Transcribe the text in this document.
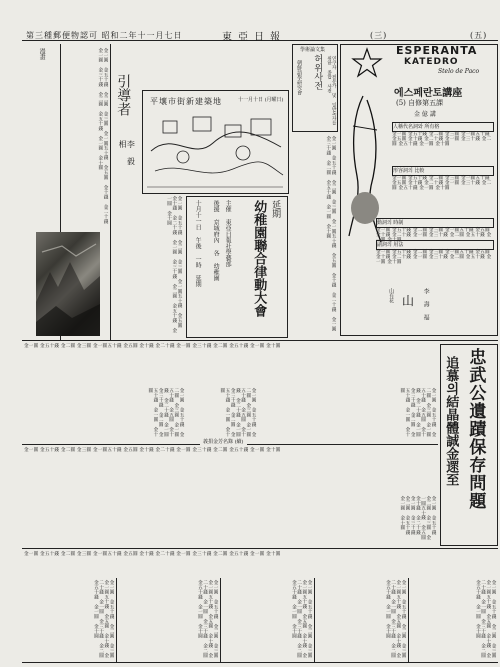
第三種郵便物認可 昭和二年十一月七日	東亞日報	(三)	(五)
漫畫
引導者
李 毅 相
金一圓 金五十錢 金二圓 金三圓 金一圓五十錢 金五圓 金十錢 金二十錢 金一圓 金三十錢 金二圓 金五十錢 金一圓 金十圓	平壤市街新建築地	十一月十日 (月曜日)
學術論文集
허위사전
朝鮮語學研究會	연구자 전문가 및 일반독자를 위한 종합 사전
ESPERANTA
KATEDRO
Stelo de Paco
에스페란토講座
(5) 自修第五課
金 億 講
人稱代名詞와 所有格
金一圓 金五十錢 金二圓 金三圓 金一圓五十錢 金五圓 金十錢 金二十錢 金一圓 金三十錢 金二圓 金五十錢 金一圓 金十圓
形容詞의 比較
金一圓 金五十錢 金二圓 金三圓 金一圓五十錢 金五圓 金十錢 金二十錢 金一圓 金三十錢 金二圓 金五十錢 金一圓 金十圓
動詞의 時制
金一圓 金五十錢 金二圓 金三圓 金一圓五十錢 金五圓 金十錢 金二十錢 金一圓 金三十錢 金二圓 金五十錢 金一圓 金十圓
副詞의 用法
金一圓 金五十錢 金二圓 金三圓 金一圓五十錢 金五圓 金十錢 金二十錢 金一圓 金三十錢 金二圓 金五十錢 金一圓 金十圓
山 李 壽 福
山有花
延期
幼稚園聯合律動大會
主催 東亞日報社學藝部
後援 京城府內 各 幼稚園
十月十一日 午後 一時 延期
金一圓 金五十錢 金二圓 金三圓 金一圓五十錢 金五圓 金十錢 金二十錢 金一圓 金三十錢 金二圓 金五十錢 金一圓 金十圓	金一圓 金五十錢 金二圓 金三圓 金一圓五十錢 金五圓 金十錢 金二十錢 金一圓 金三十錢 金二圓 金五十錢 金一圓 金十圓
忠武公遺蹟保存問題
追慕의結晶體誠金遝至
金一圓 金五十錢 金二圓 金三圓 金一圓五十錢 金五圓 金十錢 金二十錢 金一圓 金三十錢 金二圓 金五十錢 金一圓 金十圓
金一圓 金五十錢 金二圓 金三圓 金一圓五十錢 金五圓 金十錢 金二十錢 金一圓 金三十錢 金二圓 金五十錢 金一圓 金十圓	金一圓 金五十錢 金二圓 金三圓 金一圓五十錢 金五圓 金十錢 金二十錢 金一圓 金三十錢 金二圓 金五十錢 金一圓 金十圓	金一圓 金五十錢 金二圓 金三圓 金一圓五十錢 金五圓 金十錢 金二十錢 金一圓 金三十錢 金二圓 金五十錢 金一圓 金十圓
義捐金芳名錄 (續)
金一圓 金五十錢 金二圓 金三圓 金一圓五十錢 金五圓 金十錢 金二十錢 金一圓 金三十錢 金二圓 金五十錢 金一圓 金十圓
金一圓 金五十錢 金二圓 金三圓 金一圓五十錢 金五圓 金十錢 金二十錢 金一圓 金三十錢 金二圓 金五十錢 金一圓 金十圓
金一圓 金五十錢 金二圓 金三圓 金一圓五十錢 金五圓 金十錢 金二十錢 金一圓 金三十錢 金二圓 金五十錢 金一圓 金十圓
金一圓 金五十錢 金二圓 金三圓 金一圓五十錢 金五圓 金十錢 金二十錢 金一圓 金三十錢 金二圓 金五十錢 金一圓 金十圓	金一圓 金五十錢 金二圓 金三圓 金一圓五十錢 金五圓 金十錢 金二十錢 金一圓 金三十錢 金二圓 金五十錢 金一圓 金十圓	金一圓 金五十錢 金二圓 金三圓 金一圓五十錢 金五圓 金十錢 金二十錢 金一圓 金三十錢 金二圓 金五十錢 金一圓 金十圓	金一圓 金五十錢 金二圓 金三圓 金一圓五十錢 金五圓 金十錢 金二十錢 金一圓 金三十錢 金二圓 金五十錢 金一圓 金十圓	金一圓 金五十錢 金二圓 金三圓 金一圓五十錢 金五圓 金十錢 金二十錢 金一圓 金三十錢 金二圓 金五十錢 金一圓 金十圓
